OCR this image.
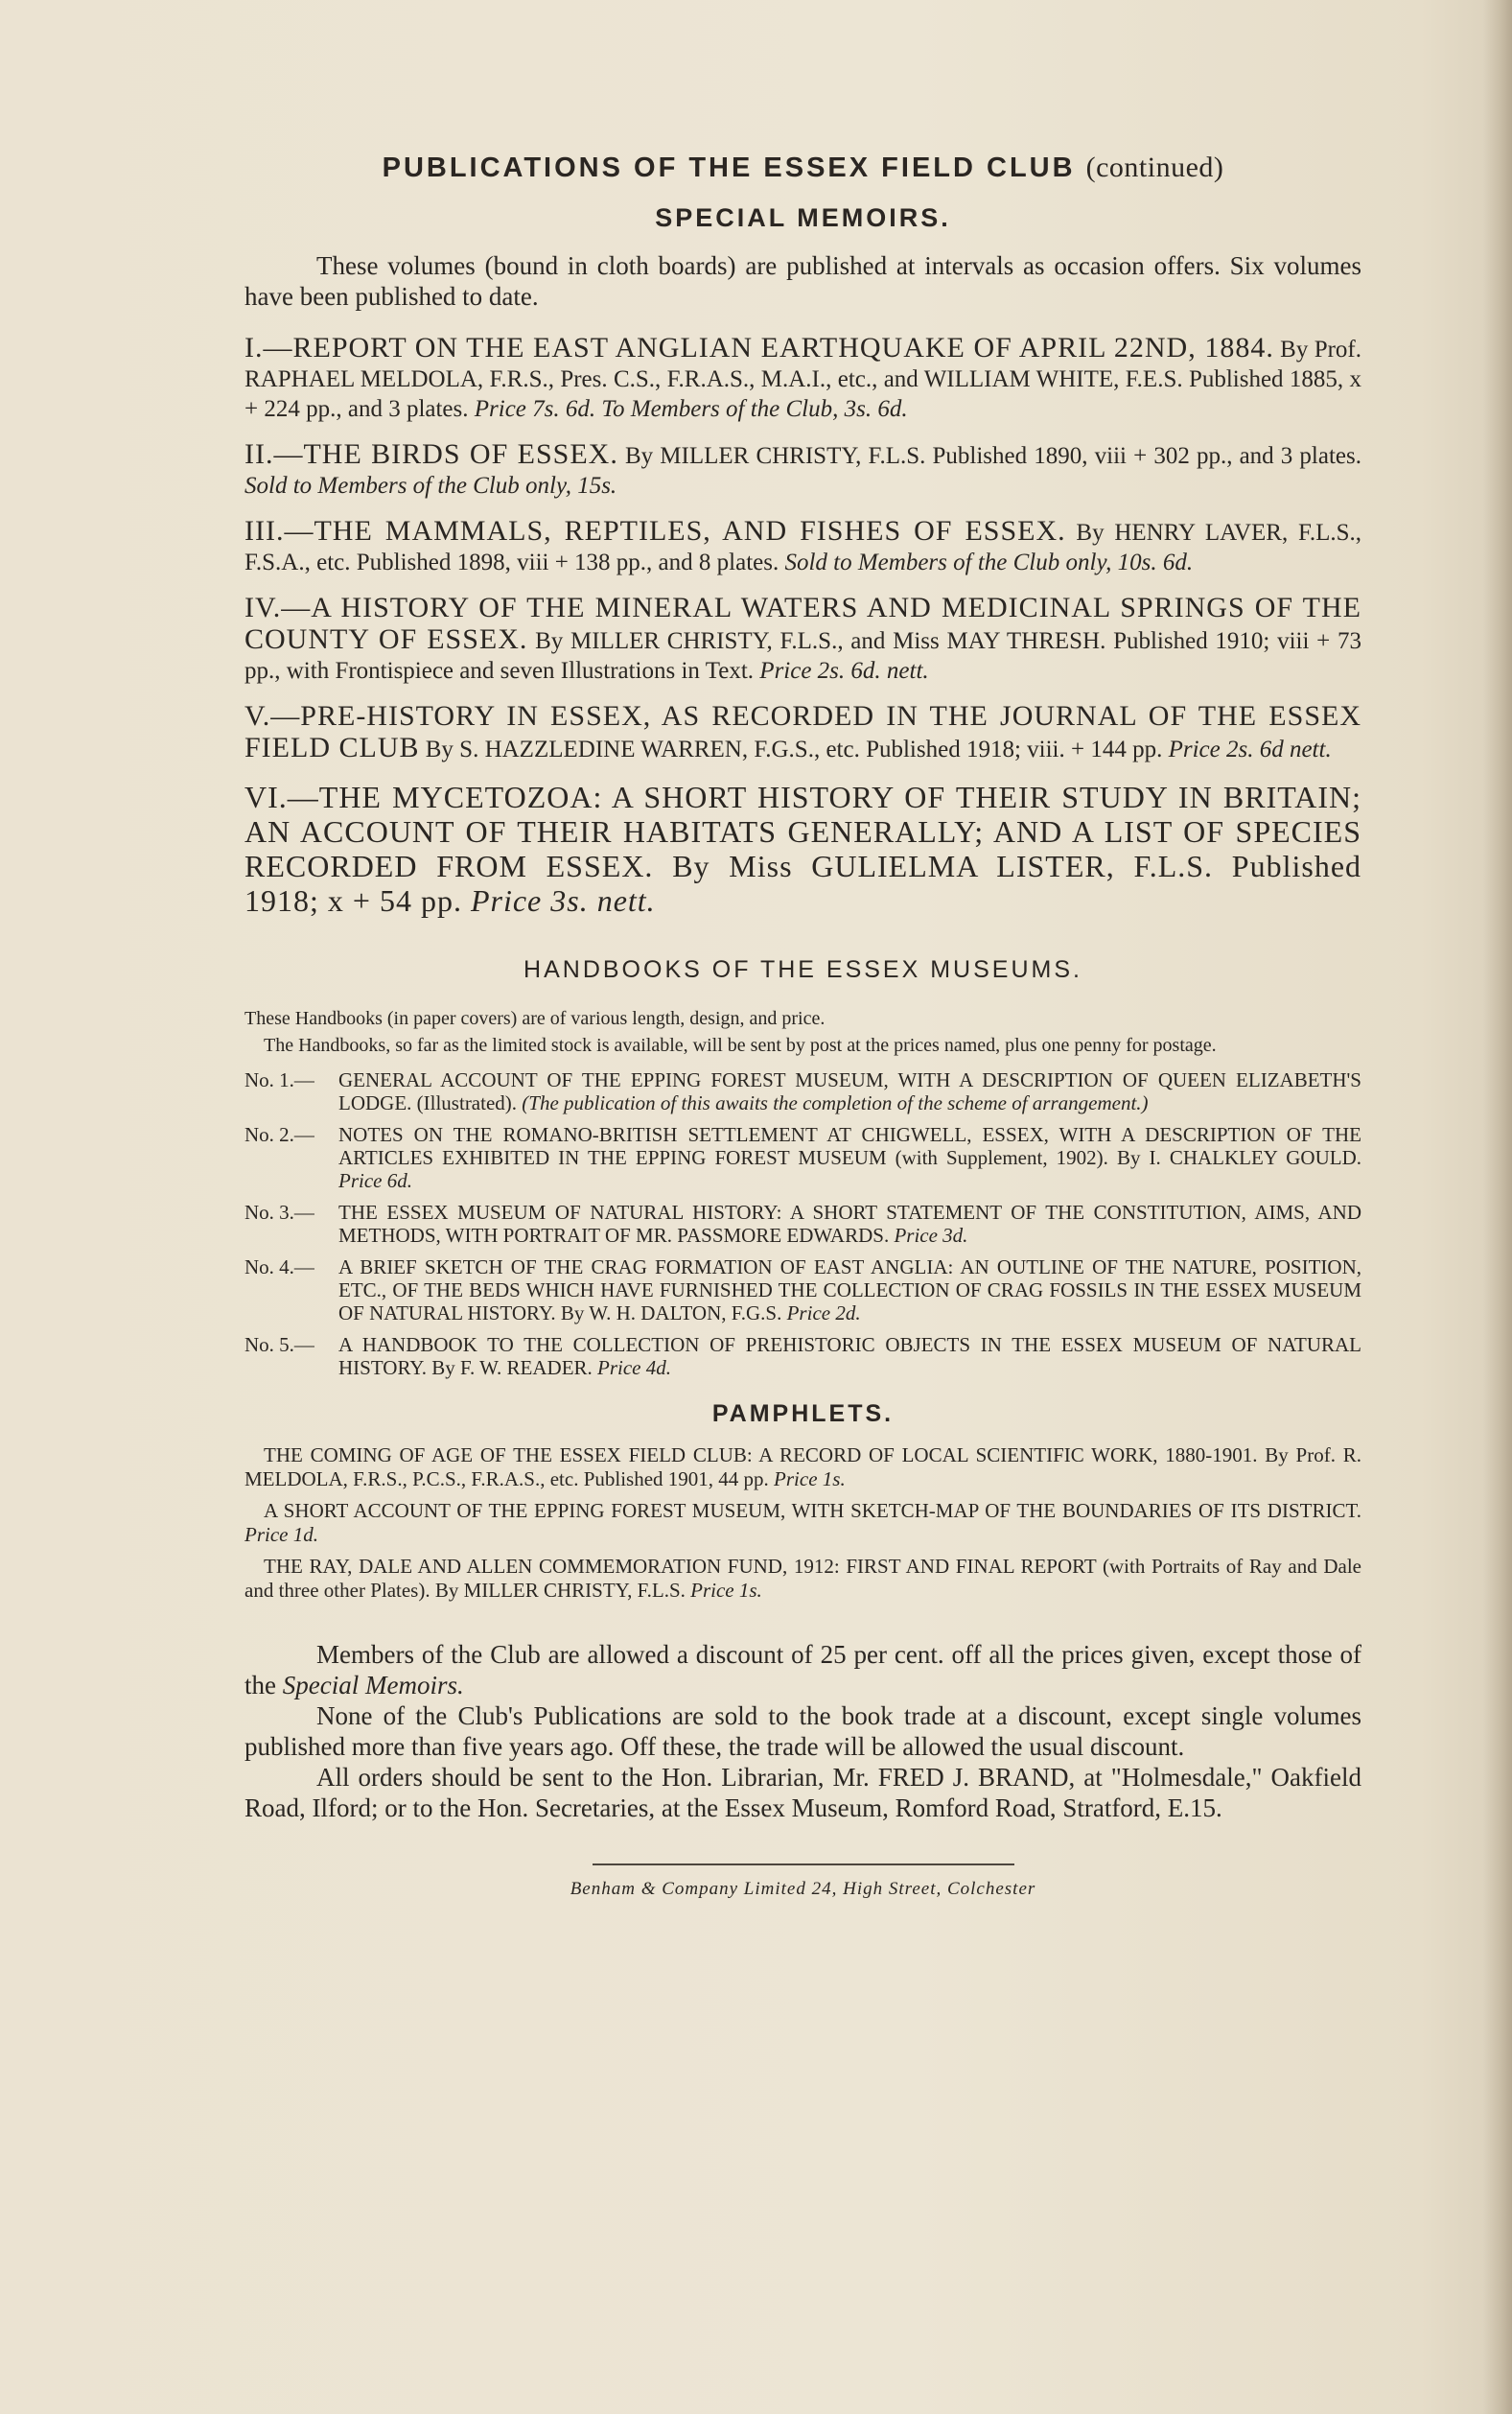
PUBLICATIONS OF THE ESSEX FIELD CLUB (continued)
SPECIAL MEMOIRS.

These volumes (bound in cloth boards) are published at intervals as occasion offers. Six volumes have been published to date.

I.—REPORT ON THE EAST ANGLIAN EARTHQUAKE OF APRIL 22ND, 1884. By Prof. RAPHAEL MELDOLA, F.R.S., Pres. C.S., F.R.A.S., M.A.I., etc., and WILLIAM WHITE, F.E.S. Published 1885, x + 224 pp., and 3 plates. Price 7s. 6d. To Members of the Club, 3s. 6d.
II.—THE BIRDS OF ESSEX. By MILLER CHRISTY, F.L.S. Published 1890, viii + 302 pp., and 3 plates. Sold to Members of the Club only, 15s.
III.—THE MAMMALS, REPTILES, AND FISHES OF ESSEX. By HENRY LAVER, F.L.S., F.S.A., etc. Published 1898, viii + 138 pp., and 8 plates. Sold to Members of the Club only, 10s. 6d.
IV.—A HISTORY OF THE MINERAL WATERS AND MEDICINAL SPRINGS OF THE COUNTY OF ESSEX. By MILLER CHRISTY, F.L.S., and Miss MAY THRESH. Published 1910; viii + 73 pp., with Frontispiece and seven Illustrations in Text. Price 2s. 6d. nett.
V.—PRE-HISTORY IN ESSEX, AS RECORDED IN THE JOURNAL OF THE ESSEX FIELD CLUB By S. HAZZLEDINE WARREN, F.G.S., etc. Published 1918; viii. + 144 pp. Price 2s. 6d nett.
VI.—THE MYCETOZOA: A SHORT HISTORY OF THEIR STUDY IN BRITAIN; AN ACCOUNT OF THEIR HABITATS GENERALLY; AND A LIST OF SPECIES RECORDED FROM ESSEX. By Miss GULIELMA LISTER, F.L.S. Published 1918; x + 54 pp. Price 3s. nett.
HANDBOOKS OF THE ESSEX MUSEUMS.

These Handbooks (in paper covers) are of various length, design, and price.

The Handbooks, so far as the limited stock is available, will be sent by post at the prices named, plus one penny for postage.

No. 1.—	GENERAL ACCOUNT OF THE EPPING FOREST MUSEUM, WITH A DESCRIPTION OF QUEEN ELIZABETH'S LODGE. (Illustrated). (The publication of this awaits the completion of the scheme of arrangement.)
No. 2.—	NOTES ON THE ROMANO-BRITISH SETTLEMENT AT CHIGWELL, ESSEX, WITH A DESCRIPTION OF THE ARTICLES EXHIBITED IN THE EPPING FOREST MUSEUM (with Supplement, 1902). By I. CHALKLEY GOULD. Price 6d.
No. 3.—	THE ESSEX MUSEUM OF NATURAL HISTORY: A SHORT STATEMENT OF THE CONSTITUTION, AIMS, AND METHODS, WITH PORTRAIT OF MR. PASSMORE EDWARDS. Price 3d.
No. 4.—	A BRIEF SKETCH OF THE CRAG FORMATION OF EAST ANGLIA: AN OUTLINE OF THE NATURE, POSITION, ETC., OF THE BEDS WHICH HAVE FURNISHED THE COLLECTION OF CRAG FOSSILS IN THE ESSEX MUSEUM OF NATURAL HISTORY. By W. H. DALTON, F.G.S. Price 2d.
No. 5.—	A HANDBOOK TO THE COLLECTION OF PREHISTORIC OBJECTS IN THE ESSEX MUSEUM OF NATURAL HISTORY. By F. W. READER. Price 4d.
PAMPHLETS.

THE COMING OF AGE OF THE ESSEX FIELD CLUB: A RECORD OF LOCAL SCIENTIFIC WORK, 1880-1901. By Prof. R. MELDOLA, F.R.S., P.C.S., F.R.A.S., etc. Published 1901, 44 pp. Price 1s.

A SHORT ACCOUNT OF THE EPPING FOREST MUSEUM, WITH SKETCH-MAP OF THE BOUNDARIES OF ITS DISTRICT. Price 1d.

THE RAY, DALE AND ALLEN COMMEMORATION FUND, 1912: FIRST AND FINAL REPORT (with Portraits of Ray and Dale and three other Plates). By MILLER CHRISTY, F.L.S. Price 1s.

Members of the Club are allowed a discount of 25 per cent. off all the prices given, except those of the Special Memoirs.

None of the Club's Publications are sold to the book trade at a discount, except single volumes published more than five years ago. Off these, the trade will be allowed the usual discount.

All orders should be sent to the Hon. Librarian, Mr. FRED J. BRAND, at "Holmesdale," Oakfield Road, Ilford; or to the Hon. Secretaries, at the Essex Museum, Romford Road, Stratford, E.15.

Benham & Company Limited 24, High Street, Colchester
